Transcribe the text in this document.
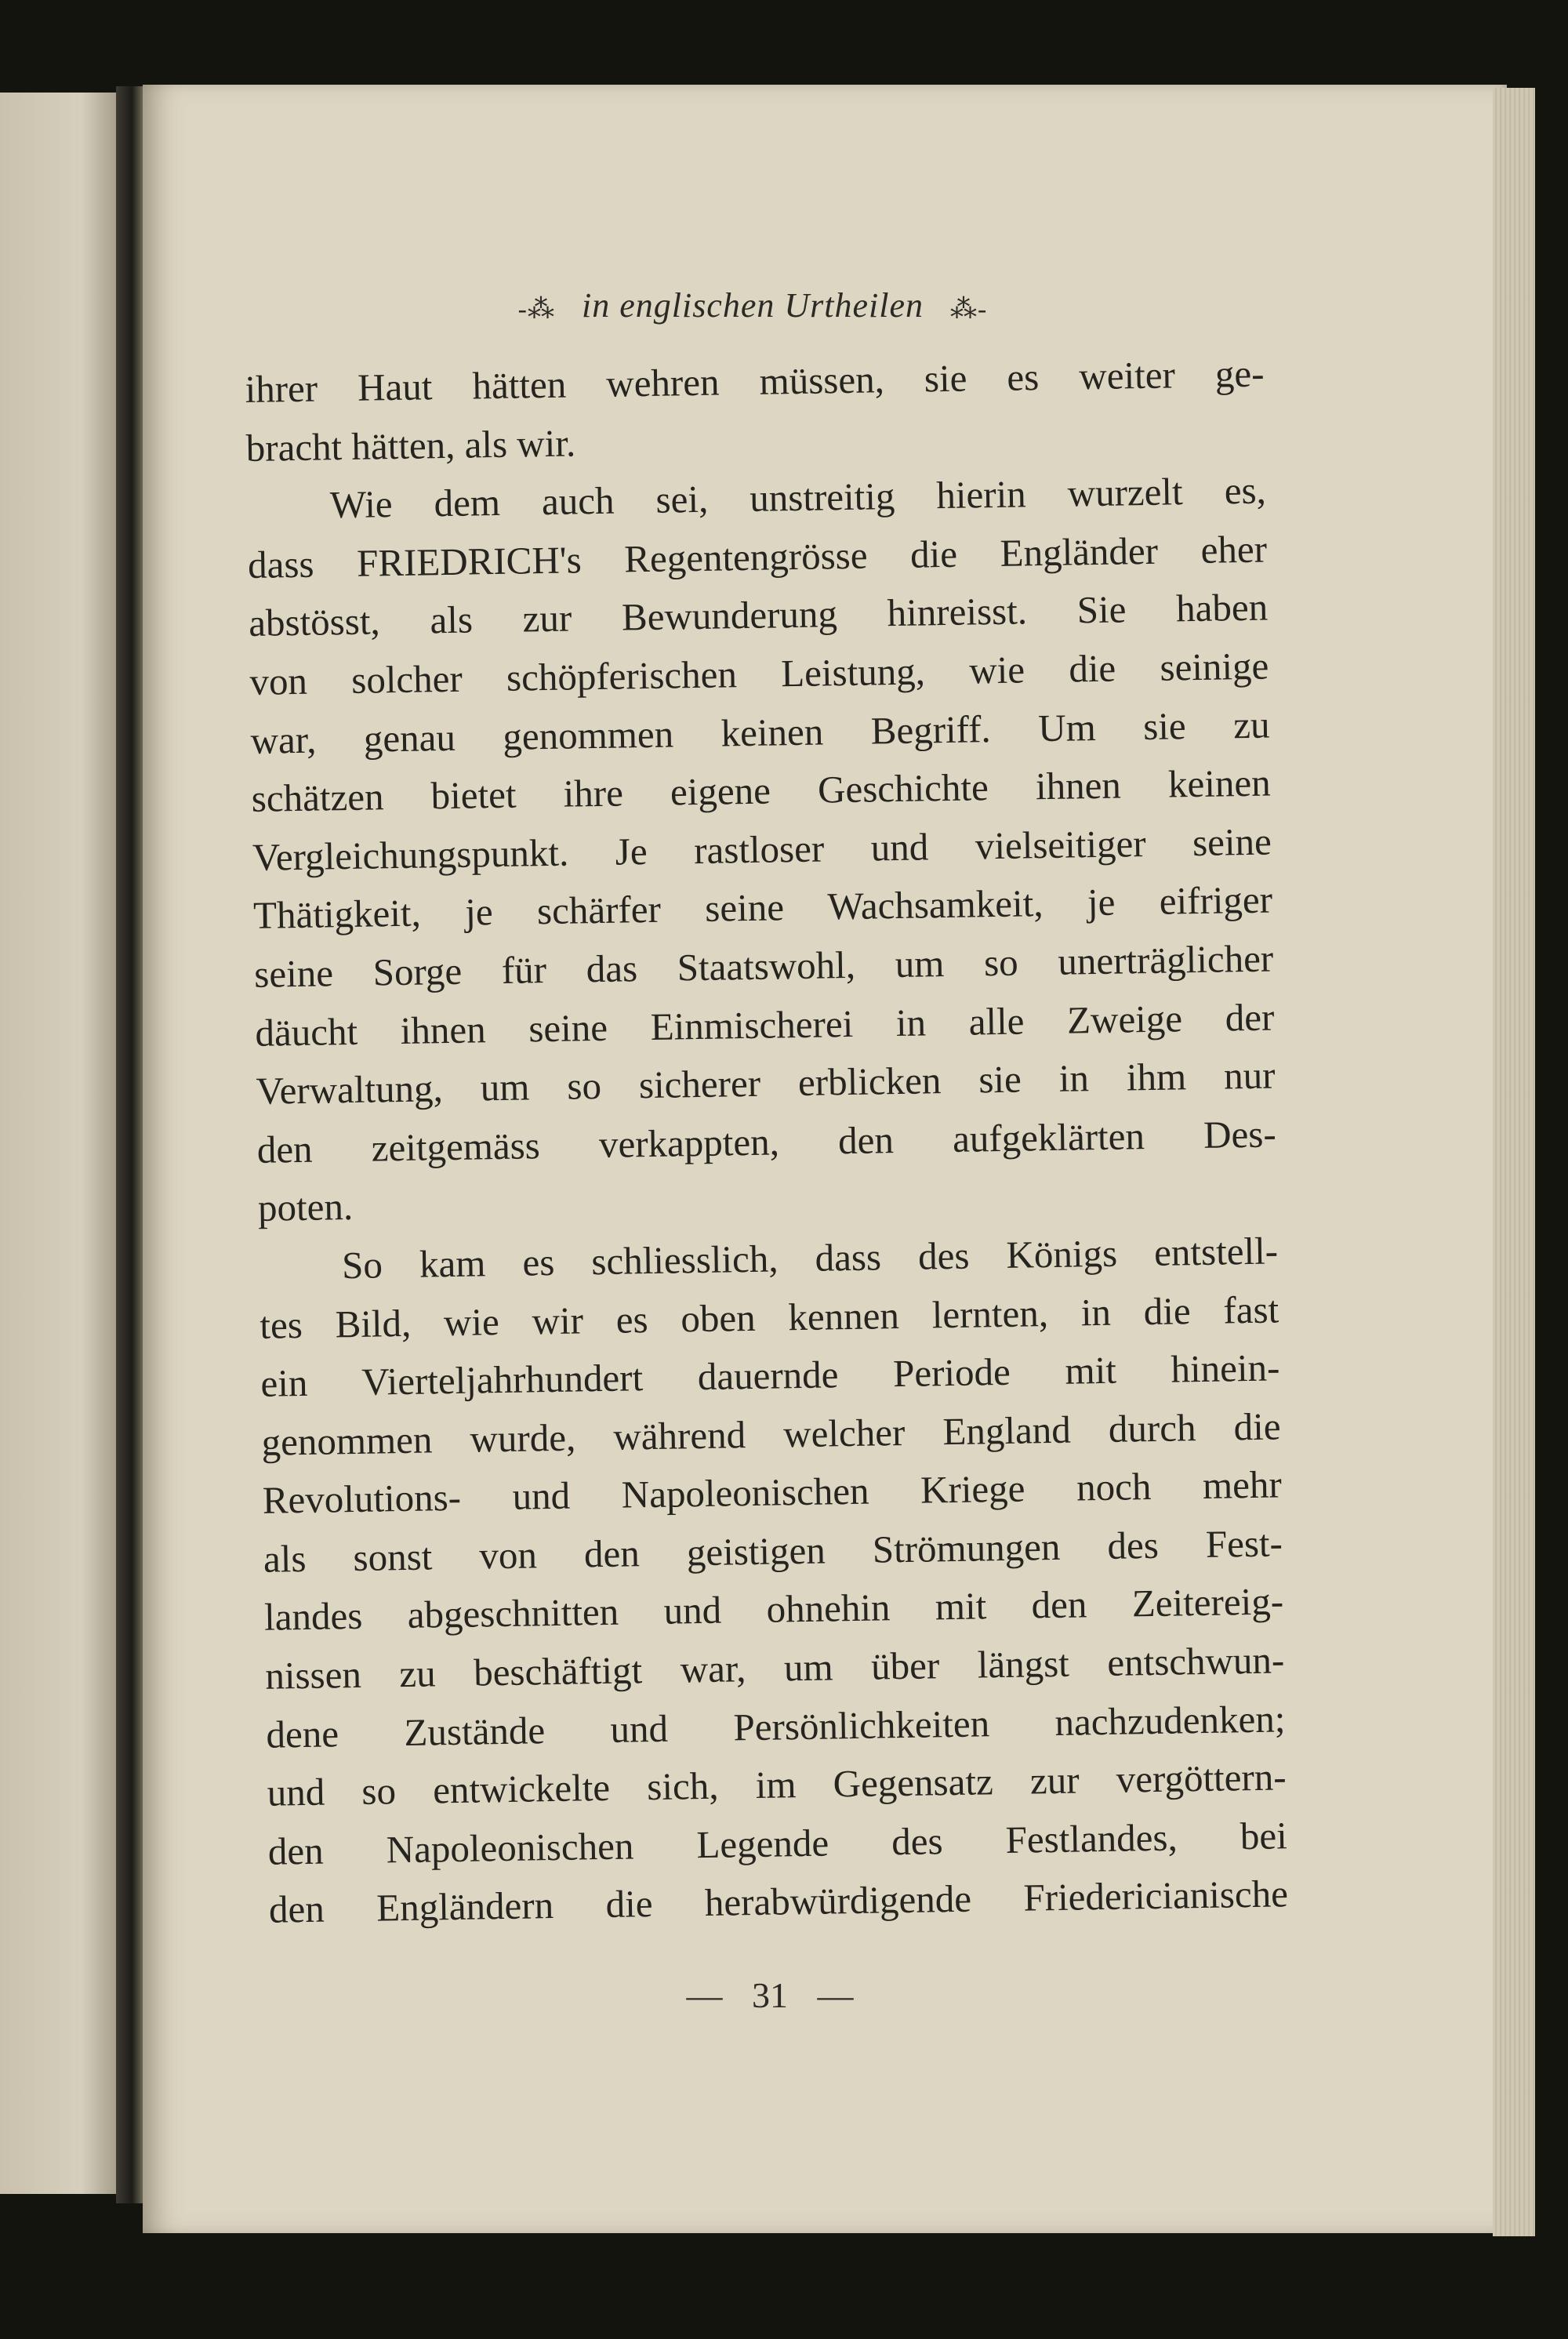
-⁂ in englischen Urtheilen ⁂-
ihrer Haut hätten wehren müssen, sie es weiter ge-
bracht hätten, als wir.
Wie dem auch sei, unstreitig hierin wurzelt es,
dass FRIEDRICH's Regentengrösse die Engländer eher
abstösst, als zur Bewunderung hinreisst. Sie haben
von solcher schöpferischen Leistung, wie die seinige
war, genau genommen keinen Begriff. Um sie zu
schätzen bietet ihre eigene Geschichte ihnen keinen
Vergleichungspunkt. Je rastloser und vielseitiger seine
Thätigkeit, je schärfer seine Wachsamkeit, je eifriger
seine Sorge für das Staatswohl, um so unerträglicher
däucht ihnen seine Einmischerei in alle Zweige der
Verwaltung, um so sicherer erblicken sie in ihm nur
den zeitgemäss verkappten, den aufgeklärten Des-
poten.
So kam es schliesslich, dass des Königs entstell-
tes Bild, wie wir es oben kennen lernten, in die fast
ein Vierteljahrhundert dauernde Periode mit hinein-
genommen wurde, während welcher England durch die
Revolutions- und Napoleonischen Kriege noch mehr
als sonst von den geistigen Strömungen des Fest-
landes abgeschnitten und ohnehin mit den Zeitereig-
nissen zu beschäftigt war, um über längst entschwun-
dene Zustände und Persönlichkeiten nachzudenken;
und so entwickelte sich, im Gegensatz zur vergöttern-
den Napoleonischen Legende des Festlandes, bei
den Engländern die herabwürdigende Friedericianische
— 31 —
